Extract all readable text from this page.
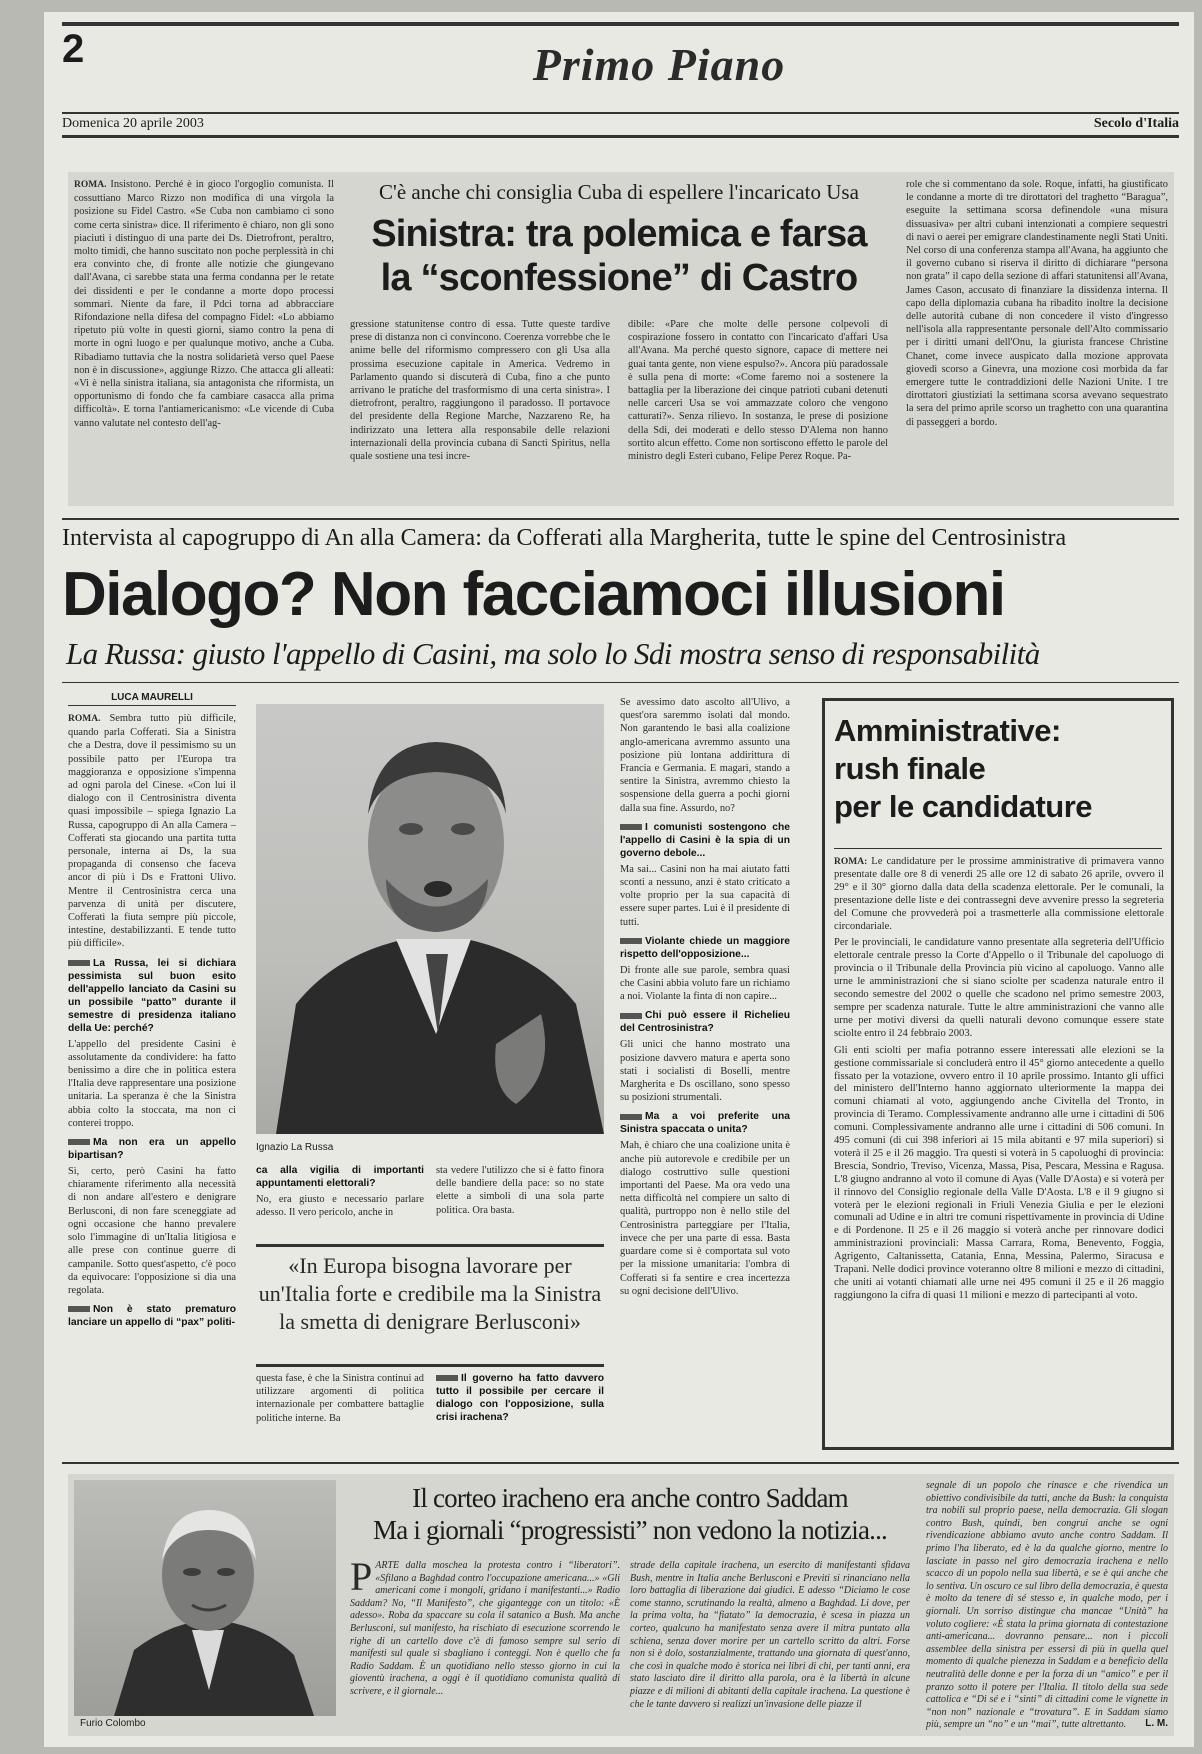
2	Primo Piano
Domenica 20 aprile 2003	Secolo d'Italia
ROMA. Insistono. Perché è in gioco l'orgoglio comunista. Il cossuttiano Marco Rizzo non modifica di una virgola la posizione su Fidel Castro. «Se Cuba non cambiamo ci sono come certa sinistra» dice. Il riferimento è chiaro, non gli sono piaciuti i distinguo di una parte dei Ds. Dietrofront, peraltro, molto timidi, che hanno suscitato non poche perplessità in chi era convinto che, di fronte alle notizie che giungevano dall'Avana, ci sarebbe stata una ferma condanna per le retate dei dissidenti e per le condanne a morte dopo processi sommari. Niente da fare, il Pdci torna ad abbracciare Rifondazione nella difesa del compagno Fidel: «Lo abbiamo ripetuto più volte in questi giorni, siamo contro la pena di morte in ogni luogo e per qualunque motivo, anche a Cuba. Ribadiamo tuttavia che la nostra solidarietà verso quel Paese non è in discussione», aggiunge Rizzo. Che attacca gli alleati: «Vi è nella sinistra italiana, sia antagonista che riformista, un opportunismo di fondo che fa cambiare casacca alla prima difficoltà». E torna l'antiamericanismo: «Le vicende di Cuba vanno valutate nel contesto dell'ag-
C'è anche chi consiglia Cuba di espellere l'incaricato Usa
Sinistra: tra polemica e farsa
la “sconfessione” di Castro
gressione statunitense contro di essa. Tutte queste tardive prese di distanza non ci convincono. Coerenza vorrebbe che le anime belle del riformismo compressero con gli Usa alla prossima esecuzione capitale in America. Vedremo in Parlamento quando si discuterà di Cuba, fino a che punto arrivano le pratiche del trasformismo di una certa sinistra». I dietrofront, peraltro, raggiungono il paradosso. Il portavoce del presidente della Regione Marche, Nazzareno Re, ha indirizzato una lettera alla responsabile delle relazioni internazionali della provincia cubana di Sancti Spiritus, nella quale sostiene una tesi incre-
dibile: «Pare che molte delle persone colpevoli di cospirazione fossero in contatto con l'incaricato d'affari Usa all'Avana. Ma perché questo signore, capace di mettere nei guai tanta gente, non viene espulso?». Ancora più paradossale è sulla pena di morte: «Come faremo noi a sostenere la battaglia per la liberazione dei cinque patrioti cubani detenuti nelle carceri Usa se voi ammazzate coloro che vengono catturati?». Senza rilievo. In sostanza, le prese di posizione della Sdi, dei moderati e dello stesso D'Alema non hanno sortito alcun effetto. Come non sortiscono effetto le parole del ministro degli Esteri cubano, Felipe Perez Roque. Pa-
role che si commentano da sole. Roque, infatti, ha giustificato le condanne a morte di tre dirottatori del traghetto “Baragua”, eseguite la settimana scorsa definendole «una misura dissuasiva» per altri cubani intenzionati a compiere sequestri di navi o aerei per emigrare clandestinamente negli Stati Uniti. Nel corso di una conferenza stampa all'Avana, ha aggiunto che il governo cubano si riserva il diritto di dichiarare “persona non grata” il capo della sezione di affari statunitensi all'Avana, James Cason, accusato di finanziare la dissidenza interna. Il capo della diplomazia cubana ha ribadito inoltre la decisione delle autorità cubane di non concedere il visto d'ingresso nell'isola alla rappresentante personale dell'Alto commissario per i diritti umani dell'Onu, la giurista francese Christine Chanet, come invece auspicato dalla mozione approvata giovedì scorso a Ginevra, una mozione così morbida da far emergere tutte le contraddizioni delle Nazioni Unite. I tre dirottatori giustiziati la settimana scorsa avevano sequestrato la sera del primo aprile scorso un traghetto con una quarantina di passeggeri a bordo.
Intervista al capogruppo di An alla Camera: da Cofferati alla Margherita, tutte le spine del Centrosinistra
Dialogo? Non facciamoci illusioni
La Russa: giusto l'appello di Casini, ma solo lo Sdi mostra senso di responsabilità
LUCA MAURELLI

ROMA. Sembra tutto più difficile, quando parla Cofferati. Sia a Sinistra che a Destra, dove il pessimismo su un possibile patto per l'Europa tra maggioranza e opposizione s'impenna ad ogni parola del Cinese. «Con lui il dialogo con il Centrosinistra diventa quasi impossibile – spiega Ignazio La Russa, capogruppo di An alla Camera – Cofferati sta giocando una partita tutta personale, interna ai Ds, la sua propaganda di consenso che faceva ancor di più i Ds e Frattoni Ulivo. Mentre il Centrosinistra cerca una parvenza di unità per discutere, Cofferati la fiuta sempre più piccole, intestine, destabilizzanti. E tende tutto più difficile».

La Russa, lei si dichiara pessimista sul buon esito dell'appello lanciato da Casini su un possibile “patto” durante il semestre di presidenza italiano della Ue: perché?

L'appello del presidente Casini è assolutamente da condividere: ha fatto benissimo a dire che in politica estera l'Italia deve rappresentare una posizione unitaria. La speranza è che la Sinistra abbia colto la stoccata, ma non ci conterei troppo.

Ma non era un appello bipartisan?

Sì, certo, però Casini ha fatto chiaramente riferimento alla necessità di non andare all'estero e denigrare Berlusconi, di non fare sceneggiate ad ogni occasione che hanno prevalere solo l'immagine di un'Italia litigiosa e alle prese con continue guerre di campanile. Sotto quest'aspetto, c'è poco da equivocare: l'opposizione si dia una regolata.

Non è stato prematuro lanciare un appello di “pax” politi-
Ignazio La Russa
ca alla vigilia di importanti appuntamenti elettorali?

No, era giusto e necessario parlare adesso. Il vero pericolo, anche in

sta vedere l'utilizzo che si è fatto finora delle bandiere della pace: so no state elette a simboli di una sola parte politica. Ora basta.
«In Europa bisogna lavorare per un'Italia forte e credibile ma la Sinistra la smetta di denigrare Berlusconi»
questa fase, è che la Sinistra continui ad utilizzare argomenti di politica internazionale per combattere battaglie politiche interne. Ba
Il governo ha fatto davvero tutto il possibile per cercare il dialogo con l'opposizione, sulla crisi irachena?

Se avessimo dato ascolto all'Ulivo, a quest'ora saremmo isolati dal mondo. Non garantendo le basi alla coalizione anglo-americana avremmo assunto una posizione più lontana addirittura di Francia e Germania. E magari, stando a sentire la Sinistra, avremmo chiesto la sospensione della guerra a pochi giorni dalla sua fine. Assurdo, no?

I comunisti sostengono che l'appello di Casini è la spia di un governo debole...

Ma sai... Casini non ha mai aiutato fatti sconti a nessuno, anzi è stato criticato a volte proprio per la sua capacità di essere super partes. Lui è il presidente di tutti.

Violante chiede un maggiore rispetto dell'opposizione...

Di fronte alle sue parole, sembra quasi che Casini abbia voluto fare un richiamo a noi. Violante la finta di non capire...

Chi può essere il Richelieu del Centrosinistra?

Gli unici che hanno mostrato una posizione davvero matura e aperta sono stati i socialisti di Boselli, mentre Margherita e Ds oscillano, sono spesso su posizioni strumentali.

Ma a voi preferite una Sinistra spaccata o unita?

Mah, è chiaro che una coalizione unita è anche più autorevole e credibile per un dialogo costruttivo sulle questioni importanti del Paese. Ma ora vedo una netta difficoltà nel compiere un salto di qualità, purtroppo non è nello stile del Centrosinistra parteggiare per l'Italia, invece che per una parte di essa. Basta guardare come si è comportata sul voto per la missione umanitaria: l'ombra di Cofferati si fa sentire e crea incertezza su ogni decisione dell'Ulivo.

Amministrative:
rush finale
per le candidature

ROMA: Le candidature per le prossime amministrative di primavera vanno presentate dalle ore 8 di venerdì 25 alle ore 12 di sabato 26 aprile, ovvero il 29° e il 30° giorno dalla data della scadenza elettorale. Per le comunali, la presentazione delle liste e dei contrassegni deve avvenire presso la segreteria del Comune che provvederà poi a trasmetterle alla commissione elettorale circondariale.

Per le provinciali, le candidature vanno presentate alla segreteria dell'Ufficio elettorale centrale presso la Corte d'Appello o il Tribunale del capoluogo di provincia o il Tribunale della Provincia più vicino al capoluogo. Vanno alle urne le amministrazioni che si siano sciolte per scadenza naturale entro il secondo semestre del 2002 o quelle che scadono nel primo semestre 2003, sempre per scadenza naturale. Tutte le altre amministrazioni che vanno alle urne per motivi diversi da quelli naturali devono comunque essere state sciolte entro il 24 febbraio 2003.

Gli enti sciolti per mafia potranno essere interessati alle elezioni se la gestione commissariale si concluderà entro il 45° giorno antecedente a quello fissato per la votazione, ovvero entro il 10 aprile prossimo. Intanto gli uffici del ministero dell'Interno hanno aggiornato ulteriormente la mappa dei comuni chiamati al voto, aggiungendo anche Civitella del Tronto, in provincia di Teramo. Complessivamente andranno alle urne i cittadini di 506 comuni. Complessivamente andranno alle urne i cittadini di 506 comuni. In 495 comuni (di cui 398 inferiori ai 15 mila abitanti e 97 mila superiori) si voterà il 25 e il 26 maggio. Tra questi si voterà in 5 capoluoghi di provincia: Brescia, Sondrio, Treviso, Vicenza, Massa, Pisa, Pescara, Messina e Ragusa. L'8 giugno andranno al voto il comune di Ayas (Valle D'Aosta) e si voterà per il rinnovo del Consiglio regionale della Valle D'Aosta. L'8 e il 9 giugno si voterà per le elezioni regionali in Friuli Venezia Giulia e per le elezioni comunali ad Udine e in altri tre comuni rispettivamente in provincia di Udine e di Pordenone. Il 25 e il 26 maggio si voterà anche per rinnovare dodici amministrazioni provinciali: Massa Carrara, Roma, Benevento, Foggia, Agrigento, Caltanissetta, Catania, Enna, Messina, Palermo, Siracusa e Trapani. Nelle dodici province voteranno oltre 8 milioni e mezzo di cittadini, che uniti ai votanti chiamati alle urne nei 495 comuni il 25 e il 26 maggio raggiungono la cifra di quasi 11 milioni e mezzo di partecipanti al voto.

Furio Colombo
Il corteo iracheno era anche contro Saddam
Ma i giornali “progressisti” non vedono la notizia...
P ARTE dalla moschea la protesta contro i “liberatori”. «Sfilano a Baghdad contro l'occupazione americana...» «Gli americani come i mongoli, gridano i manifestanti...» Radio Saddam? No, “Il Manifesto”, che gigantegge con un titolo: «È adesso». Roba da spaccare su cola il satanico a Bush. Ma anche Berlusconi, sul manifesto, ha rischiato di esecuzione scorrendo le righe di un cartello dove c'è di famoso sempre sul serio di manifesti sul quale si sbagliano i conteggi. Non è quello che fa Radio Saddam. È un quotidiano nello stesso giorno in cui la gioventù irachena, a oggi è il quotidiano comunista qualità di scrivere, e il giornale...
strade della capitale irachena, un esercito di manifestanti sfidava Bush, mentre in Italia anche Berlusconi e Previti si rinanciano nella loro battaglia di liberazione dai giudici. E adesso “Diciamo le cose come stanno, scrutinando la realtà, almeno a Baghdad. Li dove, per la prima volta, ha “fiatato” la democrazia, è scesa in piazza un corteo, qualcuno ha manifestato senza avere il mitra puntato alla schiena, senza dover morire per un cartello scritto da altri. Forse non si è dolo, sostanzialmente, trattando una giornata di quest'anno, che così in qualche modo è storica nei libri di chi, per tanti anni, era stato lasciato dire il diritto alla parola, ora è la libertà in alcune piazze e di milioni di abitanti della capitale irachena. La questione è che le tante davvero si realizzi un'invasione delle piazze il
segnale di un popolo che rinasce e che rivendica un obiettivo condivisibile da tutti, anche da Bush: la conquista tra nobili sul proprio paese, nella democrazia. Gli slogan contro Bush, quindi, ben congrui anche se ogni rivendicazione abbiamo avuto anche contro Saddam. Il primo l'ha liberato, ed è la da qualche giorno, mentre lo lasciate in passo nel giro democrazia irachena e nello scacco di un popolo nella sua libertà, e se è qui anche che lo sentiva. Un oscuro ce sul libro della democrazia, è questa è molto da tenere di sé stesso e, in qualche modo, per i giornali. Un sorriso distingue cha mancae “Unità” ha voluto cogliere: «È stata la prima giornata di contestazione anti-americana... dovranno pensare... non i piccoli assemblee della sinistra per essersi di più in quella quel momento di qualche pienezza in Saddam e a beneficio della neutralità delle donne e per la forza di un “amico” e per il pranzo sotto il potere per l'Italia. Il titolo della sua sede cattolica e “Di sé e i “sinti” di cittadini come le vignette in “non non” nazionale e “trovatura”. E in Saddam siamo più, sempre un “no” e un “mai”, tutte altrettanto.	L. M.
